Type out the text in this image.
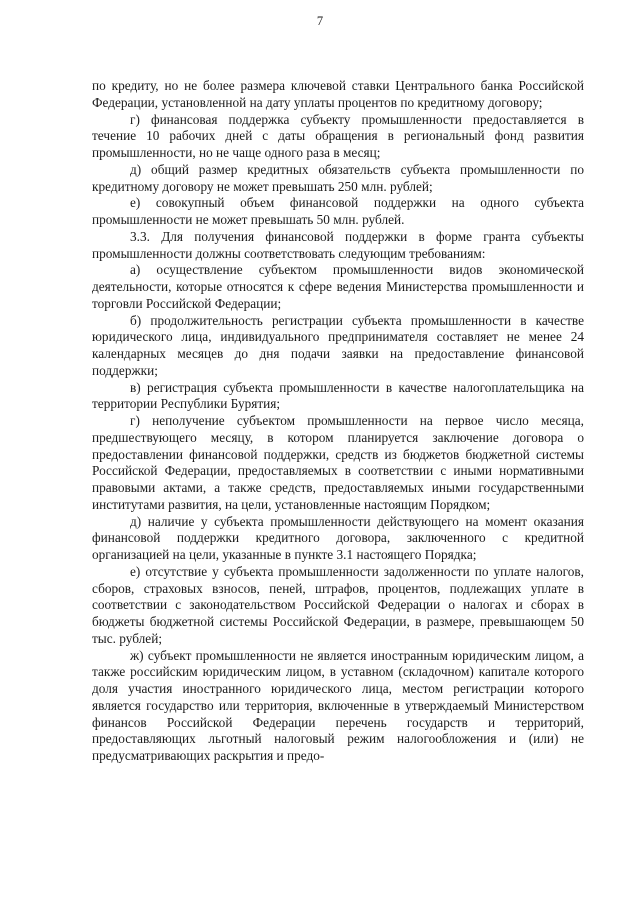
7

по кредиту, но не более размера ключевой ставки Центрального банка Российской Федерации, установленной на дату уплаты процентов по кредитному договору;

г) финансовая поддержка субъекту промышленности предоставляется в течение 10 рабочих дней с даты обращения в региональный фонд развития промышленности, но не чаще одного раза в месяц;

д) общий размер кредитных обязательств субъекта промышленности по кредитному договору не может превышать 250 млн. рублей;

е) совокупный объем финансовой поддержки на одного субъекта промышленности не может превышать 50 млн. рублей.

3.3. Для получения финансовой поддержки в форме гранта субъекты промышленности должны соответствовать следующим требованиям:

а) осуществление субъектом промышленности видов экономической деятельности, которые относятся к сфере ведения Министерства промышленности и торговли Российской Федерации;

б) продолжительность регистрации субъекта промышленности в качестве юридического лица, индивидуального предпринимателя составляет не менее 24 календарных месяцев до дня подачи заявки на предоставление финансовой поддержки;

в) регистрация субъекта промышленности в качестве налогоплательщика на территории Республики Бурятия;

г) неполучение субъектом промышленности на первое число месяца, предшествующего месяцу, в котором планируется заключение договора о предоставлении финансовой поддержки, средств из бюджетов бюджетной системы Российской Федерации, предоставляемых в соответствии с иными нормативными правовыми актами, а также средств, предоставляемых иными государственными институтами развития, на цели, установленные настоящим Порядком;

д) наличие у субъекта промышленности действующего на момент оказания финансовой поддержки кредитного договора, заключенного с кредитной организацией на цели, указанные в пункте 3.1 настоящего Порядка;

е) отсутствие у субъекта промышленности задолженности по уплате налогов, сборов, страховых взносов, пеней, штрафов, процентов, подлежащих уплате в соответствии с законодательством Российской Федерации о налогах и сборах в бюджеты бюджетной системы Российской Федерации, в размере, превышающем 50 тыс. рублей;

ж) субъект промышленности не является иностранным юридическим лицом, а также российским юридическим лицом, в уставном (складочном) капитале которого доля участия иностранного юридического лица, местом регистрации которого является государство или территория, включенные в утверждаемый Министерством финансов Российской Федерации перечень государств и территорий, предоставляющих льготный налоговый режим налогообложения и (или) не предусматривающих раскрытия и предо-
